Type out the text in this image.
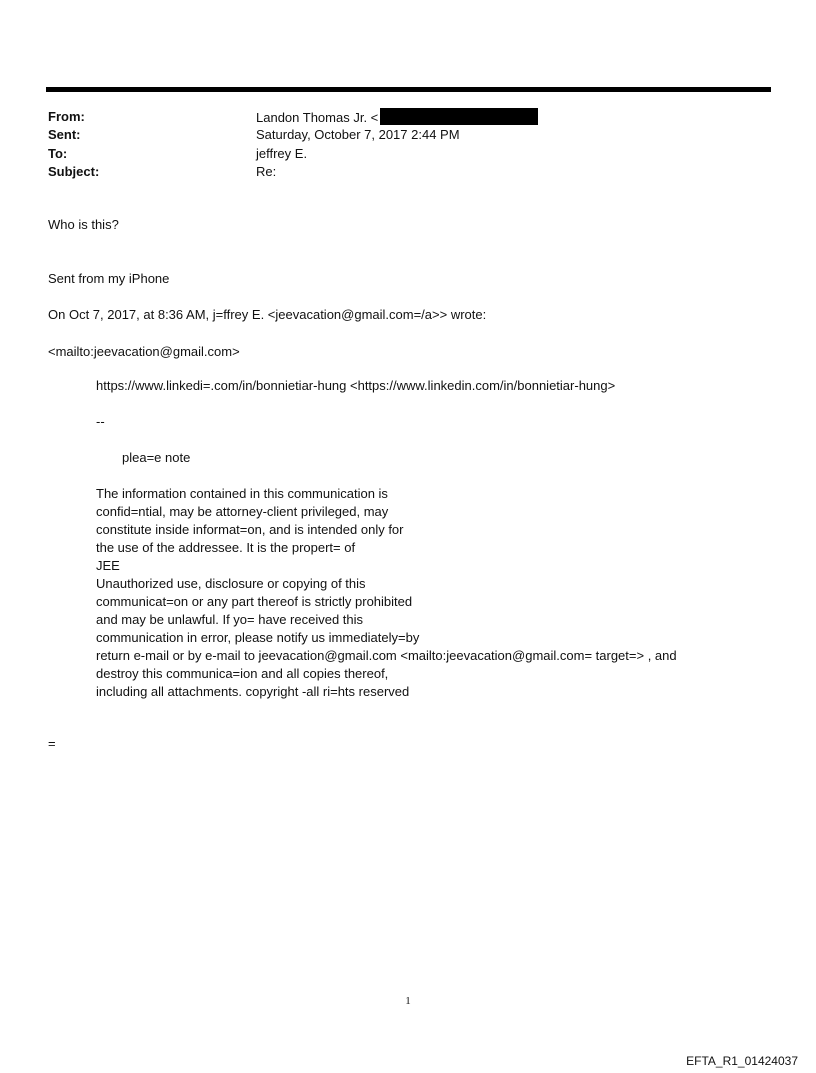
From:	Landon Thomas Jr. <
Sent:	Saturday, October 7, 2017 2:44 PM
To:	jeffrey E.
Subject:	Re:
Who is this?
Sent from my iPhone
On Oct 7, 2017, at 8:36 AM, j=ffrey E. <jeevacation@gmail.com=/a>> wrote:
<mailto:jeevacation@gmail.com>
https://www.linkedi=.com/in/bonnietiar-hung <https://www.linkedin.com/in/bonnietiar-hung>
--
plea=e note
The information contained in this communication is
confid=ntial, may be attorney-client privileged, may
constitute inside informat=on, and is intended only for
the use of the addressee. It is the propert= of
JEE
Unauthorized use, disclosure or copying of this
communicat=on or any part thereof is strictly prohibited
and may be unlawful. If yo= have received this
communication in error, please notify us immediately=by
return e-mail or by e-mail to jeevacation@gmail.com <mailto:jeevacation@gmail.com= target=> , and
destroy this communica=ion and all copies thereof,
including all attachments. copyright -all ri=hts reserved
=
1
EFTA_R1_01424037
